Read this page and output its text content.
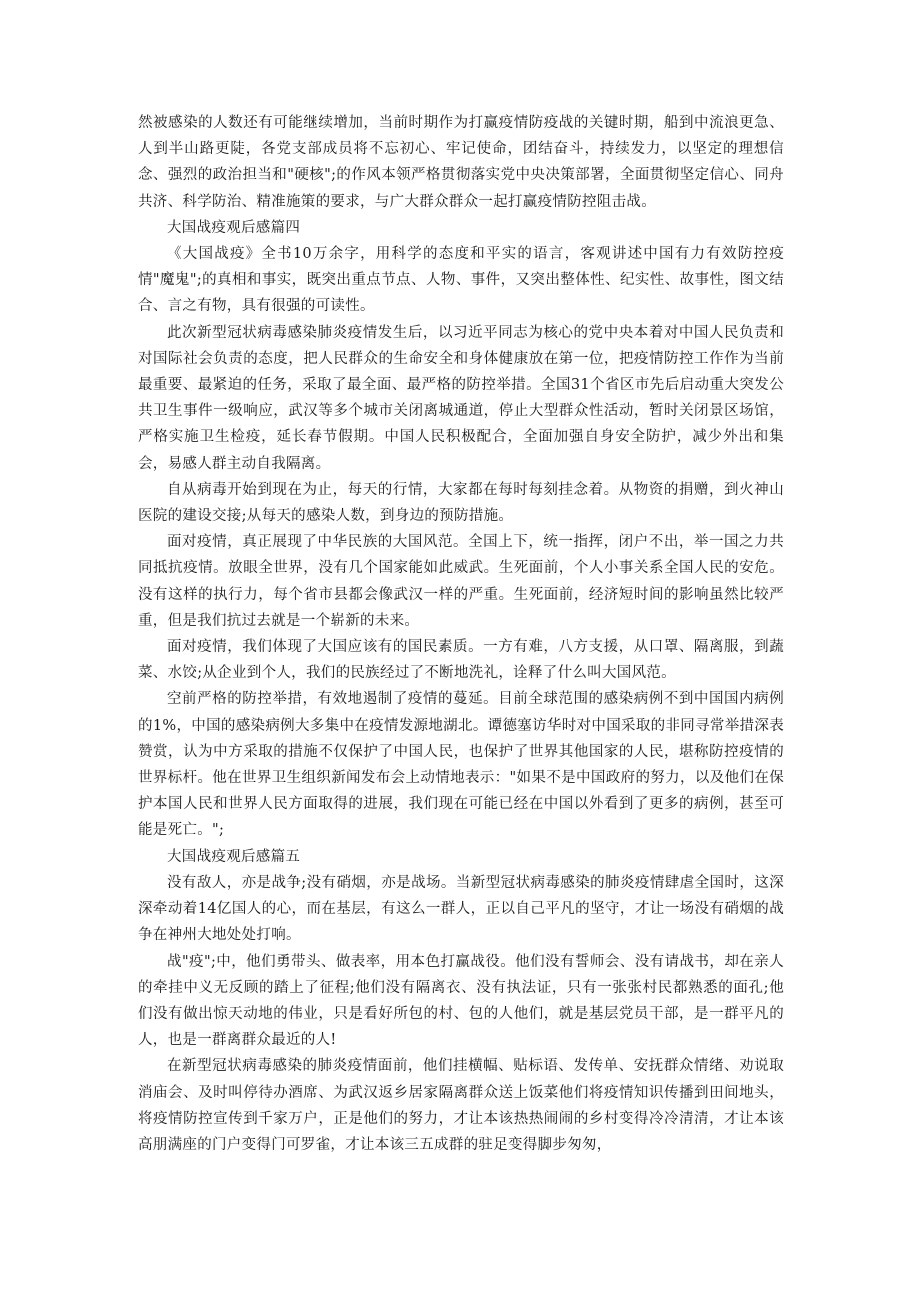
然被感染的人数还有可能继续增加，当前时期作为打赢疫情防疫战的关键时期，船到中流浪更急、人到半山路更陡，各党支部成员将不忘初心、牢记使命，团结奋斗，持续发力，以坚定的理想信念、强烈的政治担当和"硬核";的作风本领严格贯彻落实党中央决策部署，全面贯彻坚定信心、同舟共济、科学防治、精准施策的要求，与广大群众群众一起打赢疫情防控阻击战。

大国战疫观后感篇四

《大国战疫》全书10万余字，用科学的态度和平实的语言，客观讲述中国有力有效防控疫情"魔鬼";的真相和事实，既突出重点节点、人物、事件，又突出整体性、纪实性、故事性，图文结合、言之有物，具有很强的可读性。

此次新型冠状病毒感染肺炎疫情发生后，以习近平同志为核心的党中央本着对中国人民负责和对国际社会负责的态度，把人民群众的生命安全和身体健康放在第一位，把疫情防控工作作为当前最重要、最紧迫的任务，采取了最全面、最严格的防控举措。全国31个省区市先后启动重大突发公共卫生事件一级响应，武汉等多个城市关闭离城通道，停止大型群众性活动，暂时关闭景区场馆，严格实施卫生检疫，延长春节假期。中国人民积极配合，全面加强自身安全防护，减少外出和集会，易感人群主动自我隔离。

自从病毒开始到现在为止，每天的行情，大家都在每时每刻挂念着。从物资的捐赠，到火神山医院的建设交接;从每天的感染人数，到身边的预防措施。

面对疫情，真正展现了中华民族的大国风范。全国上下，统一指挥，闭户不出，举一国之力共同抵抗疫情。放眼全世界，没有几个国家能如此威武。生死面前，个人小事关系全国人民的安危。没有这样的执行力，每个省市县都会像武汉一样的严重。生死面前，经济短时间的影响虽然比较严重，但是我们抗过去就是一个崭新的未来。

面对疫情，我们体现了大国应该有的国民素质。一方有难，八方支援，从口罩、隔离服，到蔬菜、水饺;从企业到个人，我们的民族经过了不断地洗礼，诠释了什么叫大国风范。

空前严格的防控举措，有效地遏制了疫情的蔓延。目前全球范围的感染病例不到中国国内病例的1%，中国的感染病例大多集中在疫情发源地湖北。谭德塞访华时对中国采取的非同寻常举措深表赞赏，认为中方采取的措施不仅保护了中国人民，也保护了世界其他国家的人民，堪称防控疫情的世界标杆。他在世界卫生组织新闻发布会上动情地表示："如果不是中国政府的努力，以及他们在保护本国人民和世界人民方面取得的进展，我们现在可能已经在中国以外看到了更多的病例，甚至可能是死亡。";

大国战疫观后感篇五

没有敌人，亦是战争;没有硝烟，亦是战场。当新型冠状病毒感染的肺炎疫情肆虐全国时，这深深牵动着14亿国人的心，而在基层，有这么一群人，正以自己平凡的坚守，才让一场没有硝烟的战争在神州大地处处打响。

战"疫";中，他们勇带头、做表率，用本色打赢战役。他们没有誓师会、没有请战书，却在亲人的牵挂中义无反顾的踏上了征程;他们没有隔离衣、没有执法证，只有一张张村民都熟悉的面孔;他们没有做出惊天动地的伟业，只是看好所包的村、包的人他们，就是基层党员干部，是一群平凡的人，也是一群离群众最近的人!

在新型冠状病毒感染的肺炎疫情面前，他们挂横幅、贴标语、发传单、安抚群众情绪、劝说取消庙会、及时叫停待办酒席、为武汉返乡居家隔离群众送上饭菜他们将疫情知识传播到田间地头，将疫情防控宣传到千家万户，正是他们的努力，才让本该热热闹闹的乡村变得冷冷清清，才让本该高朋满座的门户变得门可罗雀，才让本该三五成群的驻足变得脚步匆匆，
